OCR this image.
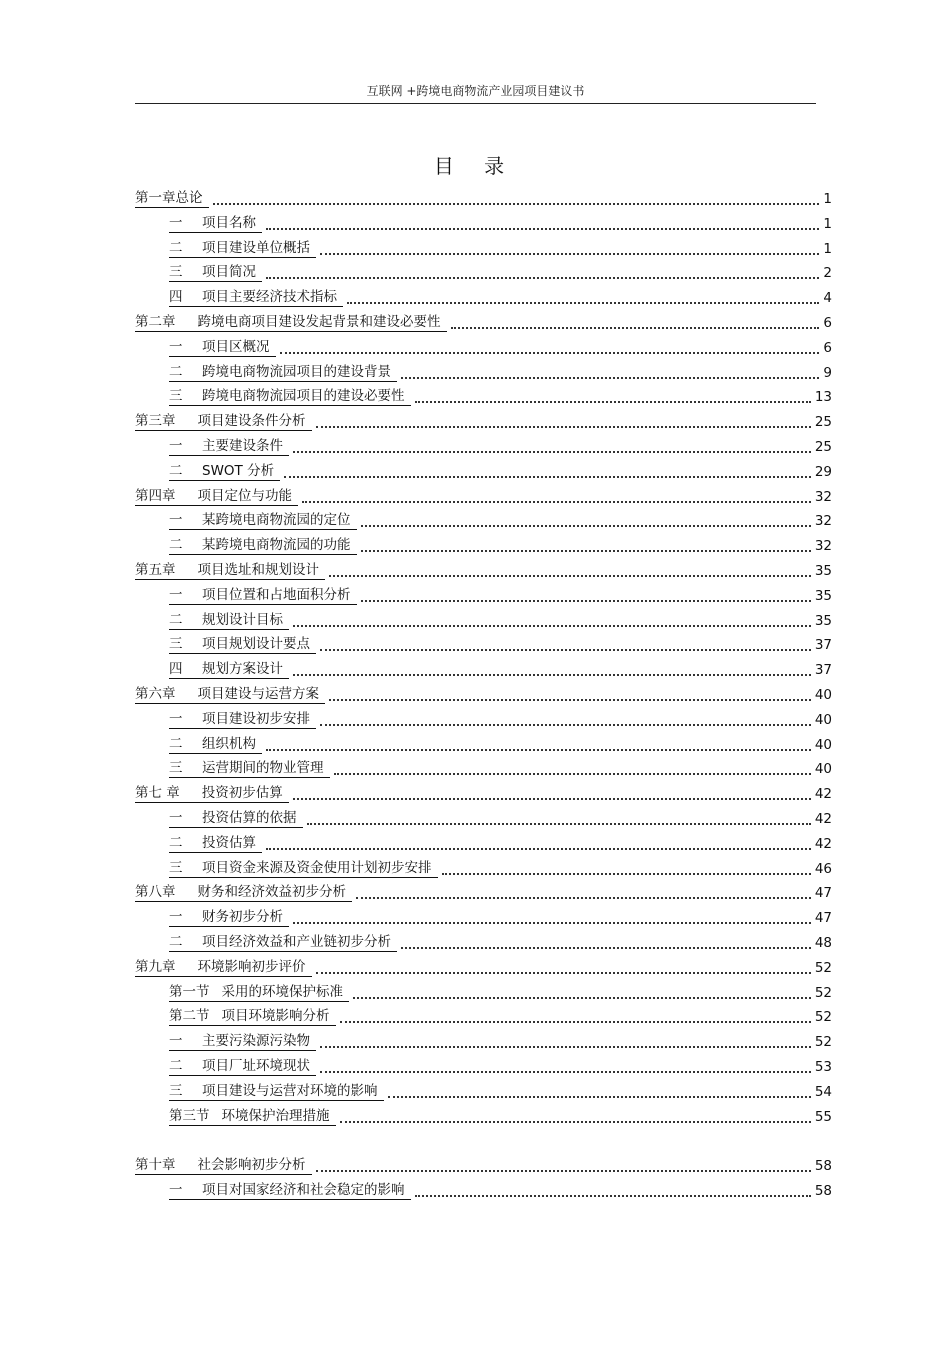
互联网 +跨境电商物流产业园项目建议书
目 录
第一章总论	1
一 项目名称	1
二 项目建设单位概括	1
三 项目简况	2
四 项目主要经济技术指标	4
第二章 跨境电商项目建设发起背景和建设必要性	6
一 项目区概况	6
二 跨境电商物流园项目的建设背景	9
三 跨境电商物流园项目的建设必要性	13
第三章 项目建设条件分析	25
一 主要建设条件	25
二 SWOT 分析	29
第四章 项目定位与功能	32
一 某跨境电商物流园的定位	32
二 某跨境电商物流园的功能	32
第五章 项目选址和规划设计	35
一 项目位置和占地面积分析	35
二 规划设计目标	35
三 项目规划设计要点	37
四 规划方案设计	37
第六章 项目建设与运营方案	40
一 项目建设初步安排	40
二 组织机构	40
三 运营期间的物业管理	40
第七 章 投资初步估算	42
一 投资估算的依据	42
二 投资估算	42
三 项目资金来源及资金使用计划初步安排	46
第八章 财务和经济效益初步分析	47
一 财务初步分析	47
二 项目经济效益和产业链初步分析	48
第九章 环境影响初步评价	52
第一节 采用的环境保护标准	52
第二节 项目环境影响分析	52
一 主要污染源污染物	52
二 项目厂址环境现状	53
三 项目建设与运营对环境的影响	54
第三节 环境保护治理措施	55
第十章 社会影响初步分析	58
一 项目对国家经济和社会稳定的影响	58
